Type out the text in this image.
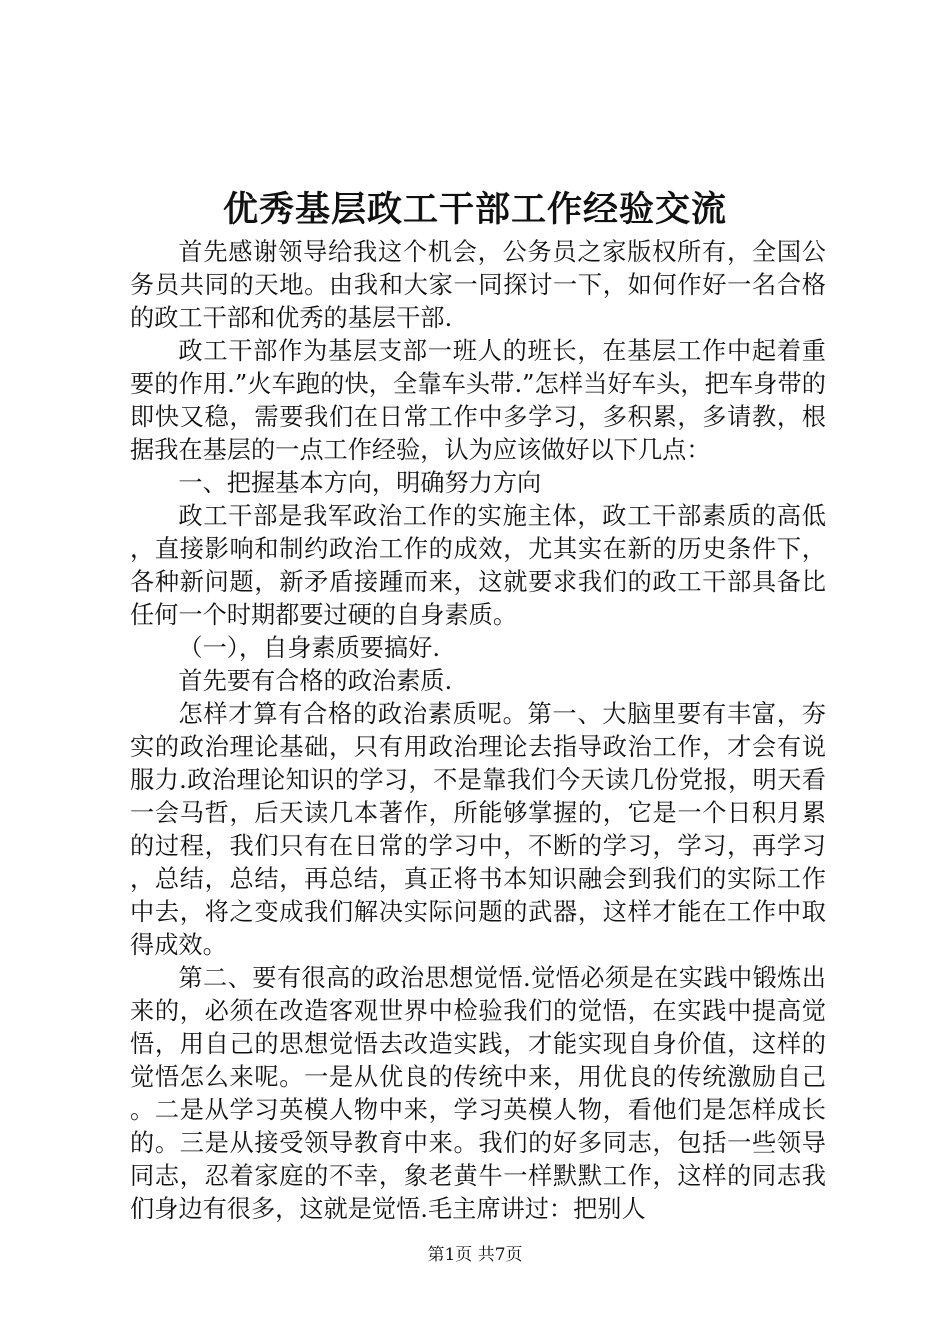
优秀基层政工干部工作经验交流

首先感谢领导给我这个机会，公务员之家版权所有，全国公务员共同的天地。由我和大家一同探讨一下，如何作好一名合格的政工干部和优秀的基层干部.

政工干部作为基层支部一班人的班长，在基层工作中起着重要的作用.”火车跑的快，全靠车头带.”怎样当好车头，把车身带的即快又稳，需要我们在日常工作中多学习，多积累，多请教，根据我在基层的一点工作经验，认为应该做好以下几点：

一、把握基本方向，明确努力方向

政工干部是我军政治工作的实施主体，政工干部素质的高低，直接影响和制约政治工作的成效，尤其实在新的历史条件下，各种新问题，新矛盾接踵而来，这就要求我们的政工干部具备比任何一个时期都要过硬的自身素质。

（一），自身素质要搞好.

首先要有合格的政治素质.

怎样才算有合格的政治素质呢。第一、大脑里要有丰富，夯实的政治理论基础，只有用政治理论去指导政治工作，才会有说服力.政治理论知识的学习，不是靠我们今天读几份党报，明天看一会马哲，后天读几本著作，所能够掌握的，它是一个日积月累的过程，我们只有在日常的学习中，不断的学习，学习，再学习，总结，总结，再总结，真正将书本知识融会到我们的实际工作中去，将之变成我们解决实际问题的武器，这样才能在工作中取得成效。

第二、要有很高的政治思想觉悟.觉悟必须是在实践中锻炼出来的，必须在改造客观世界中检验我们的觉悟，在实践中提高觉悟，用自己的思想觉悟去改造实践，才能实现自身价值，这样的觉悟怎么来呢。一是从优良的传统中来，用优良的传统激励自己。二是从学习英模人物中来，学习英模人物，看他们是怎样成长的。三是从接受领导教育中来。我们的好多同志，包括一些领导同志，忍着家庭的不幸，象老黄牛一样默默工作，这样的同志我们身边有很多，这就是觉悟.毛主席讲过：把别人

第1页 共7页
